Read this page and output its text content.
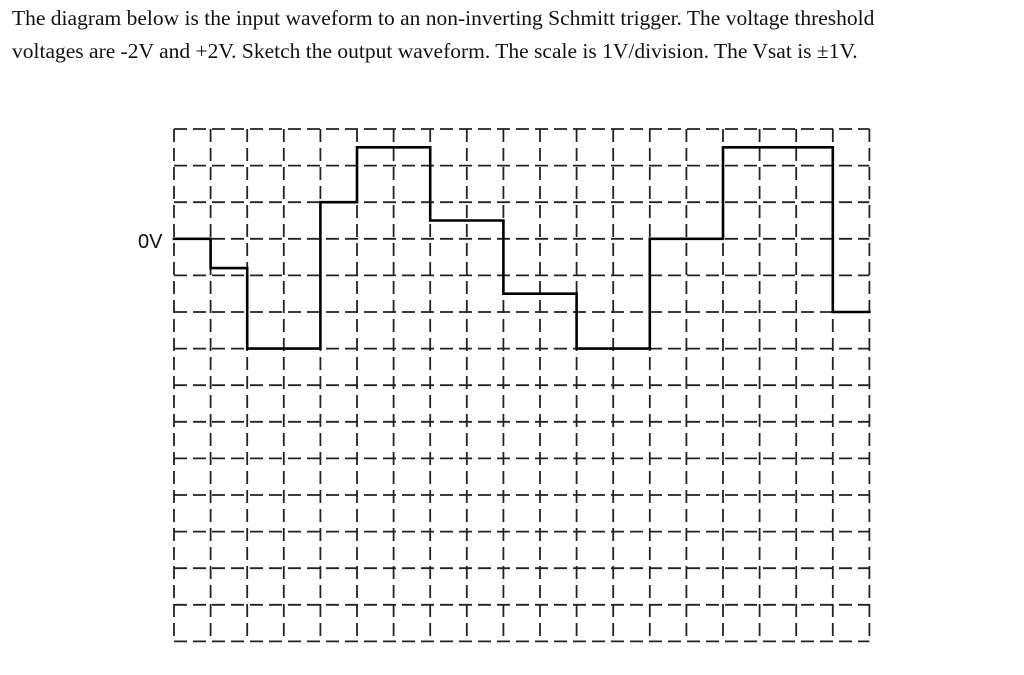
The diagram below is the input waveform to an non-inverting Schmitt trigger. The voltage threshold
voltages are -2V and +2V. Sketch the output waveform. The scale is 1V/division. The Vsat is ±1V.

0V
